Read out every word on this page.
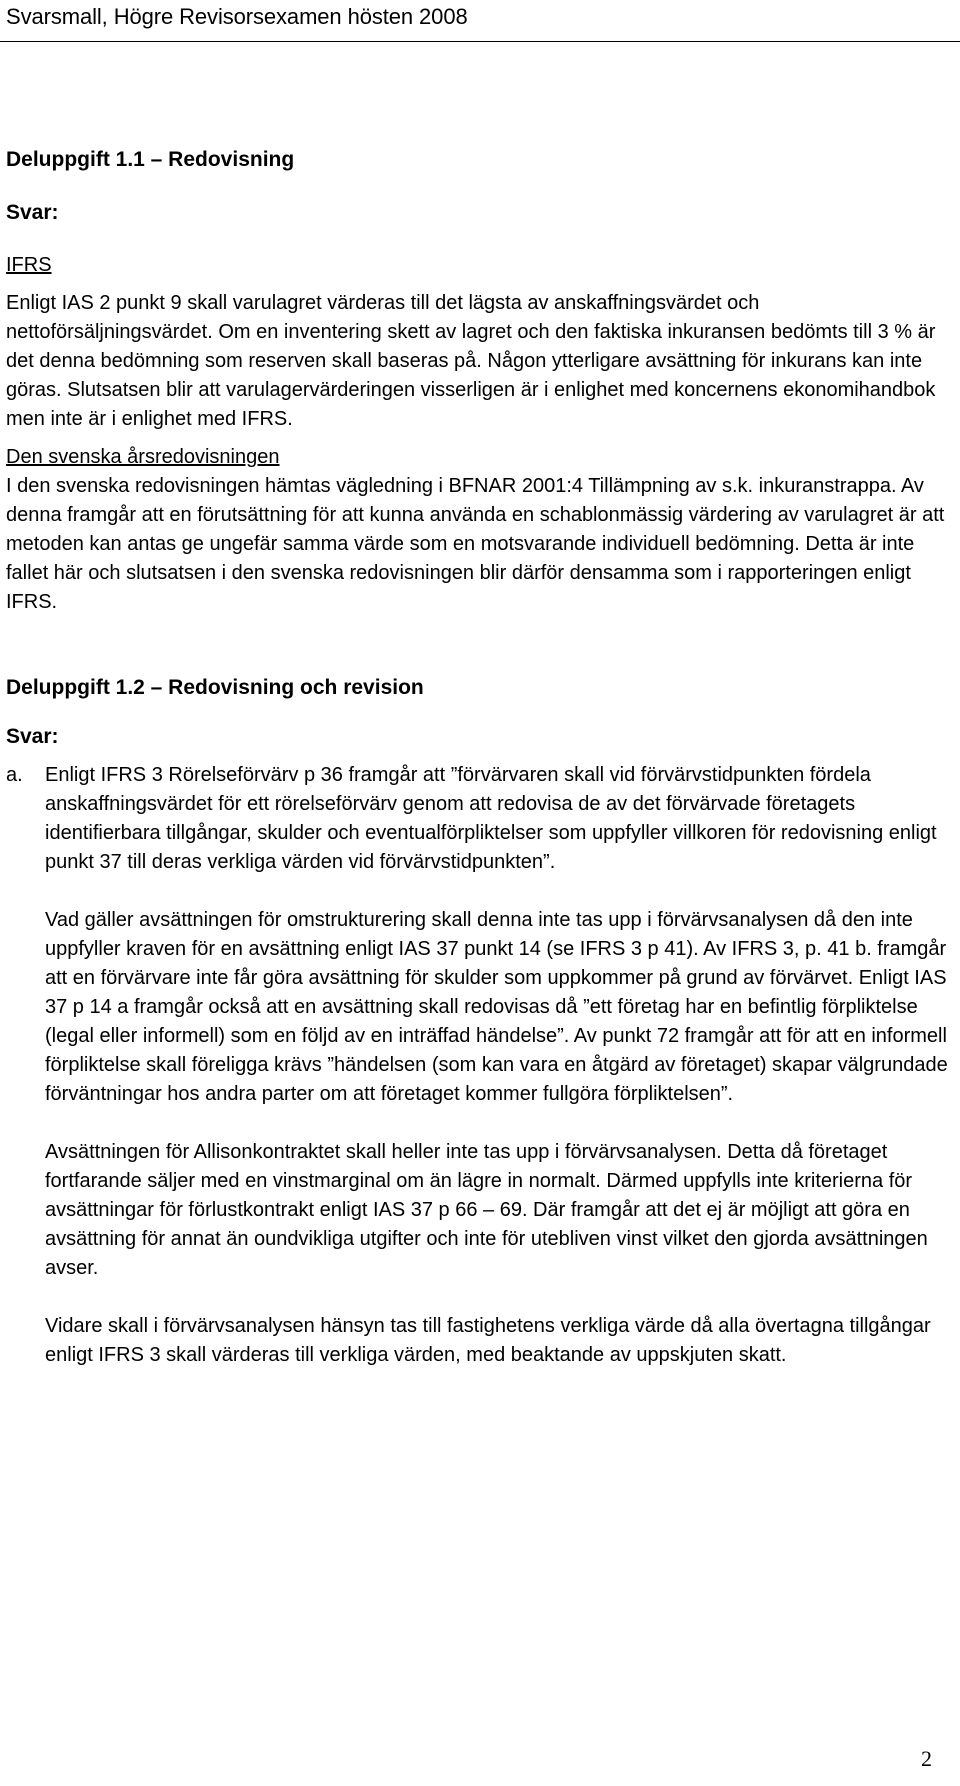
Svarsmall, Högre Revisorsexamen hösten 2008

Deluppgift 1.1 – Redovisning

Svar:

IFRS

Enligt IAS 2 punkt 9 skall varulagret värderas till det lägsta av anskaffningsvärdet och nettoförsäljningsvärdet. Om en inventering skett av lagret och den faktiska inkuransen bedömts till 3 % är det denna bedömning som reserven skall baseras på. Någon ytterligare avsättning för inkurans kan inte göras. Slutsatsen blir att varulagervärderingen visserligen är i enlighet med koncernens ekonomihandbok men inte är i enlighet med IFRS.

Den svenska årsredovisningen

I den svenska redovisningen hämtas vägledning i BFNAR 2001:4 Tillämpning av s.k. inkuranstrappa. Av denna framgår att en förutsättning för att kunna använda en schablonmässig värdering av varulagret är att metoden kan antas ge ungefär samma värde som en motsvarande individuell bedömning. Detta är inte fallet här och slutsatsen i den svenska redovisningen blir därför densamma som i rapporteringen enligt IFRS.

Deluppgift 1.2 – Redovisning och revision

Svar:

a.	Enligt IFRS 3 Rörelseförvärv p 36 framgår att ”förvärvaren skall vid förvärvstidpunkten fördela anskaffningsvärdet för ett rörelseförvärv genom att redovisa de av det förvärvade företagets identifierbara tillgångar, skulder och eventualförpliktelser som uppfyller villkoren för redovisning enligt punkt 37 till deras verkliga värden vid förvärvstidpunkten”.

Vad gäller avsättningen för omstrukturering skall denna inte tas upp i förvärvsanalysen då den inte uppfyller kraven för en avsättning enligt IAS 37 punkt 14 (se IFRS 3 p 41). Av IFRS 3, p. 41 b. framgår att en förvärvare inte får göra avsättning för skulder som uppkommer på grund av förvärvet. Enligt IAS 37 p 14 a framgår också att en avsättning skall redovisas då ”ett företag har en befintlig förpliktelse (legal eller informell) som en följd av en inträffad händelse”. Av punkt 72 framgår att för att en informell förpliktelse skall föreligga krävs ”händelsen (som kan vara en åtgärd av företaget) skapar välgrundade förväntningar hos andra parter om att företaget kommer fullgöra förpliktelsen”.

Avsättningen för Allisonkontraktet skall heller inte tas upp i förvärvsanalysen. Detta då företaget fortfarande säljer med en vinstmarginal om än lägre in normalt. Därmed uppfylls inte kriterierna för avsättningar för förlustkontrakt enligt IAS 37 p 66 – 69. Där framgår att det ej är möjligt att göra en avsättning för annat än oundvikliga utgifter och inte för utebliven vinst vilket den gjorda avsättningen avser.

Vidare skall i förvärvsanalysen hänsyn tas till fastighetens verkliga värde då alla övertagna tillgångar enligt IFRS 3 skall värderas till verkliga värden, med beaktande av uppskjuten skatt.

2
